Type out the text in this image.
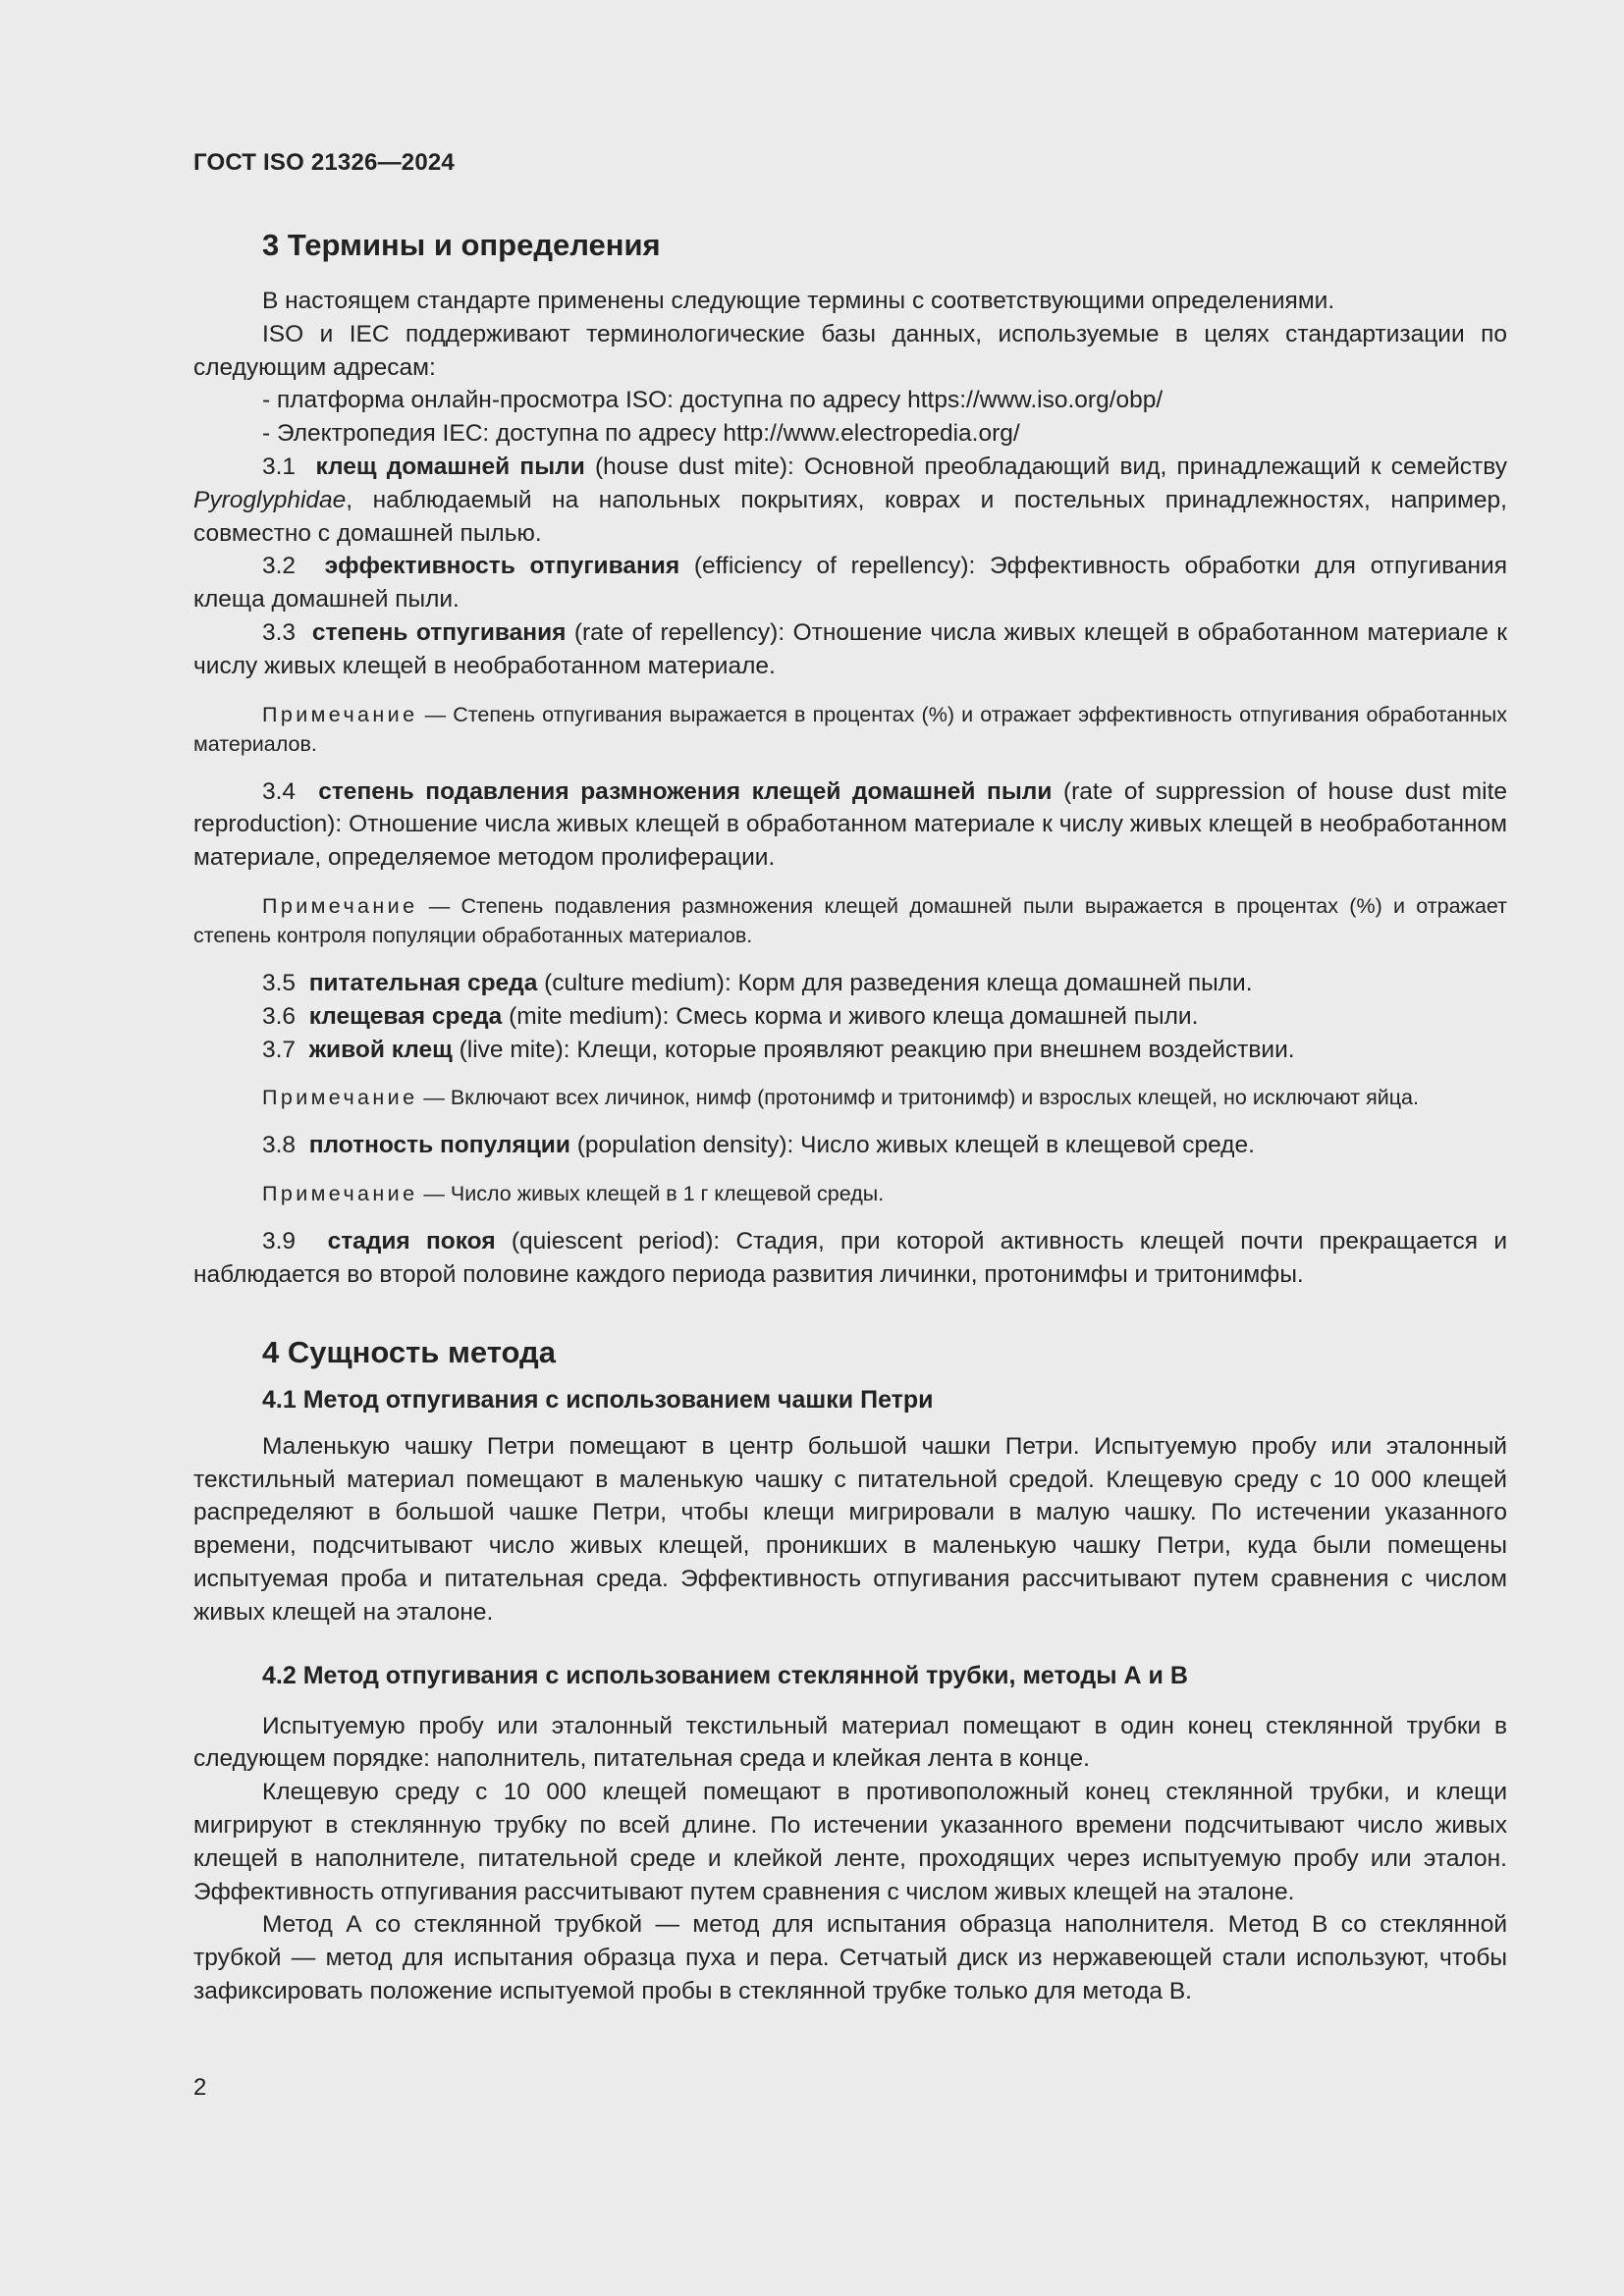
ГОСТ ISO 21326—2024
3 Термины и определения

В настоящем стандарте применены следующие термины с соответствующими определениями.

ISO и IEC поддерживают терминологические базы данных, используемые в целях стандартизации по следующим адресам:

- платформа онлайн-просмотра ISO: доступна по адресу https://www.iso.org/obp/

- Электропедия IEC: доступна по адресу http://www.electropedia.org/

3.1 клещ домашней пыли (house dust mite): Основной преобладающий вид, принадлежащий к семейству Pyroglyphidae, наблюдаемый на напольных покрытиях, коврах и постельных принадлежностях, например, совместно с домашней пылью.

3.2 эффективность отпугивания (efficiency of repellency): Эффективность обработки для отпугивания клеща домашней пыли.

3.3 степень отпугивания (rate of repellency): Отношение числа живых клещей в обработанном материале к числу живых клещей в необработанном материале.

Примечание — Степень отпугивания выражается в процентах (%) и отражает эффективность отпугивания обработанных материалов.

3.4 степень подавления размножения клещей домашней пыли (rate of suppression of house dust mite reproduction): Отношение числа живых клещей в обработанном материале к числу живых клещей в необработанном материале, определяемое методом пролиферации.

Примечание — Степень подавления размножения клещей домашней пыли выражается в процентах (%) и отражает степень контроля популяции обработанных материалов.

3.5 питательная среда (culture medium): Корм для разведения клеща домашней пыли.

3.6 клещевая среда (mite medium): Смесь корма и живого клеща домашней пыли.

3.7 живой клещ (live mite): Клещи, которые проявляют реакцию при внешнем воздействии.

Примечание — Включают всех личинок, нимф (протонимф и тритонимф) и взрослых клещей, но исключают яйца.

3.8 плотность популяции (population density): Число живых клещей в клещевой среде.

Примечание — Число живых клещей в 1 г клещевой среды.

3.9 стадия покоя (quiescent period): Стадия, при которой активность клещей почти прекращается и наблюдается во второй половине каждого периода развития личинки, протонимфы и тритонимфы.

4 Сущность метода
4.1 Метод отпугивания с использованием чашки Петри

Маленькую чашку Петри помещают в центр большой чашки Петри. Испытуемую пробу или эталонный текстильный материал помещают в маленькую чашку с питательной средой. Клещевую среду с 10 000 клещей распределяют в большой чашке Петри, чтобы клещи мигрировали в малую чашку. По истечении указанного времени, подсчитывают число живых клещей, проникших в маленькую чашку Петри, куда были помещены испытуемая проба и питательная среда. Эффективность отпугивания рассчитывают путем сравнения с числом живых клещей на эталоне.

4.2 Метод отпугивания с использованием стеклянной трубки, методы А и В

Испытуемую пробу или эталонный текстильный материал помещают в один конец стеклянной трубки в следующем порядке: наполнитель, питательная среда и клейкая лента в конце.

Клещевую среду с 10 000 клещей помещают в противоположный конец стеклянной трубки, и клещи мигрируют в стеклянную трубку по всей длине. По истечении указанного времени подсчитывают число живых клещей в наполнителе, питательной среде и клейкой ленте, проходящих через испытуемую пробу или эталон. Эффективность отпугивания рассчитывают путем сравнения с числом живых клещей на эталоне.

Метод А со стеклянной трубкой — метод для испытания образца наполнителя. Метод В со стеклянной трубкой — метод для испытания образца пуха и пера. Сетчатый диск из нержавеющей стали используют, чтобы зафиксировать положение испытуемой пробы в стеклянной трубке только для метода В.

2
